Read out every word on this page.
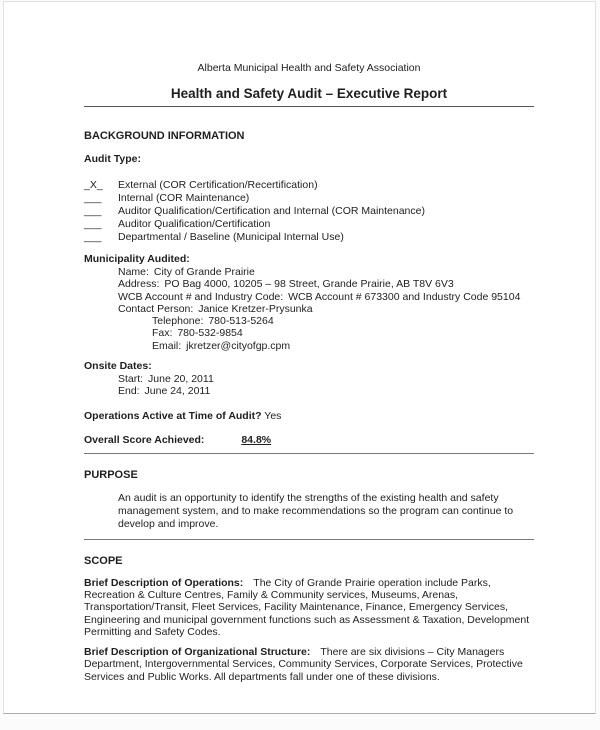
Alberta Municipal Health and Safety Association
Health and Safety Audit – Executive Report
BACKGROUND INFORMATION
Audit Type:
_X_	External (COR Certification/Recertification)
___	Internal (COR Maintenance)
___	Auditor Qualification/Certification and Internal (COR Maintenance)
___	Auditor Qualification/Certification
___	Departmental / Baseline (Municipal Internal Use)
Municipality Audited:
Name: City of Grande Prairie
Address: PO Bag 4000, 10205 – 98 Street, Grande Prairie, AB T8V 6V3
WCB Account # and Industry Code: WCB Account # 673300 and Industry Code 95104
Contact Person: Janice Kretzer-Prysunka
Telephone: 780-513-5264
Fax: 780-532-9854
Email: jkretzer@cityofgp.cpm
Onsite Dates:
Start: June 20, 2011
End: June 24, 2011
Operations Active at Time of Audit? Yes
Overall Score Achieved:	84.8%
PURPOSE
An audit is an opportunity to identify the strengths of the existing health and safety management system, and to make recommendations so the program can continue to develop and improve.
SCOPE
Brief Description of Operations: The City of Grande Prairie operation include Parks, Recreation & Culture Centres, Family & Community services, Museums, Arenas, Transportation/Transit, Fleet Services, Facility Maintenance, Finance, Emergency Services, Engineering and municipal government functions such as Assessment & Taxation, Development Permitting and Safety Codes.
Brief Description of Organizational Structure: There are six divisions – City Managers Department, Intergovernmental Services, Community Services, Corporate Services, Protective Services and Public Works. All departments fall under one of these divisions.
